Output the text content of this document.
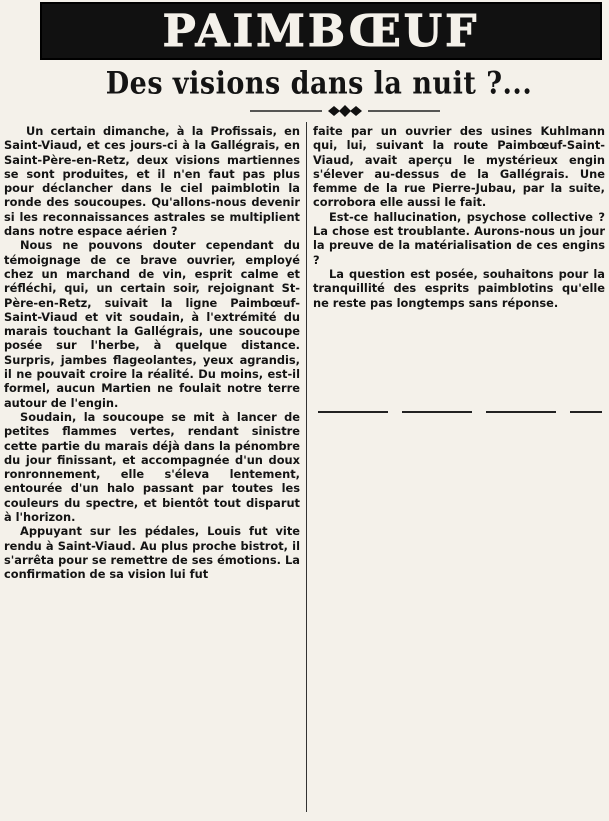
PAIMBŒUF
Des visions dans la nuit ?...

Un certain dimanche, à la Profissais, en Saint-Viaud, et ces jours-ci à la Gallégrais, en Saint-Père-en-Retz, deux visions martiennes se sont produites, et il n'en faut pas plus pour déclancher dans le ciel paimblotin la ronde des soucoupes. Qu'allons-nous devenir si les reconnaissances astrales se multiplient dans notre espace aérien ?

Nous ne pouvons douter cependant du témoignage de ce brave ouvrier, employé chez un marchand de vin, esprit calme et réfléchi, qui, un certain soir, rejoignant St-Père-en-Retz, suivait la ligne Paimbœuf-Saint-Viaud et vit soudain, à l'extrémité du marais touchant la Gallégrais, une soucoupe posée sur l'herbe, à quelque distance. Surpris, jambes flageolantes, yeux agrandis, il ne pouvait croire la réalité. Du moins, est-il formel, aucun Martien ne foulait notre terre autour de l'engin.

Soudain, la soucoupe se mit à lancer de petites flammes vertes, rendant sinistre cette partie du marais déjà dans la pénombre du jour finissant, et accompagnée d'un doux ronronnement, elle s'éleva lentement, entourée d'un halo passant par toutes les couleurs du spectre, et bientôt tout disparut à l'horizon.

Appuyant sur les pédales, Louis fut vite rendu à Saint-Viaud. Au plus proche bistrot, il s'arrêta pour se remettre de ses émotions. La confirmation de sa vision lui fut

faite par un ouvrier des usines Kuhlmann qui, lui, suivant la route Paimbœuf-Saint-Viaud, avait aperçu le mystérieux engin s'élever au-dessus de la Gallégrais. Une femme de la rue Pierre-Jubau, par la suite, corrobora elle aussi le fait.

Est-ce hallucination, psychose collective ? La chose est troublante. Aurons-nous un jour la preuve de la matérialisation de ces engins ?

La question est posée, souhaitons pour la tranquillité des esprits paimblotins qu'elle ne reste pas longtemps sans réponse.
